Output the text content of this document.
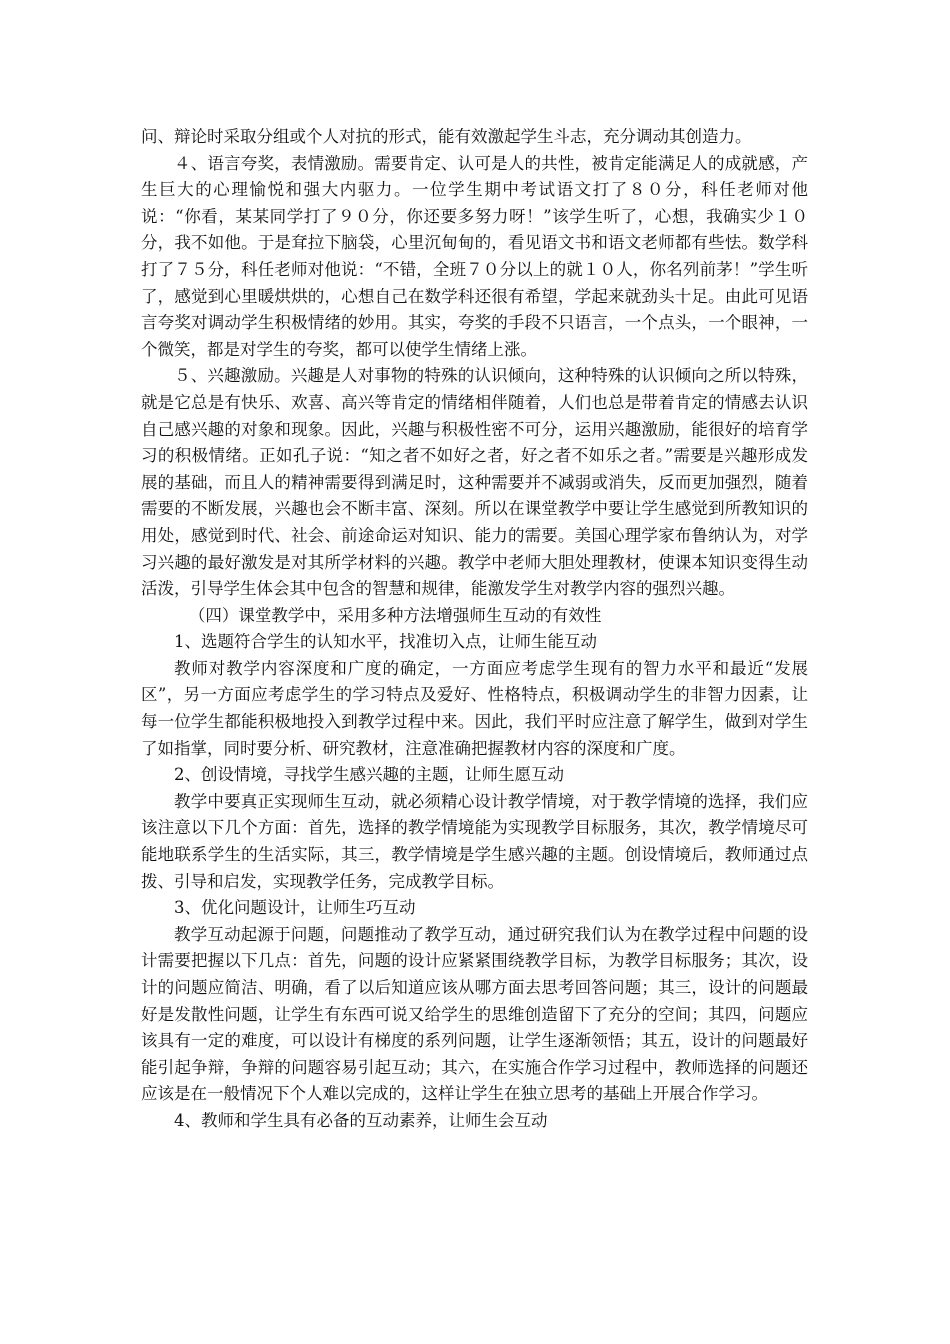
问、辩论时采取分组或个人对抗的形式，能有效激起学生斗志，充分调动其创造力。

４、语言夸奖，表情激励。需要肯定、认可是人的共性，被肯定能满足人的成就感，产生巨大的心理愉悦和强大内驱力。一位学生期中考试语文打了８０分，科任老师对他说：“你看，某某同学打了９０分，你还要多努力呀！”该学生听了，心想，我确实少１０分，我不如他。于是耷拉下脑袋，心里沉甸甸的，看见语文书和语文老师都有些怯。数学科打了７５分，科任老师对他说：“不错，全班７０分以上的就１０人，你名列前茅！”学生听了，感觉到心里暖烘烘的，心想自己在数学科还很有希望，学起来就劲头十足。由此可见语言夸奖对调动学生积极情绪的妙用。其实，夸奖的手段不只语言，一个点头，一个眼神，一个微笑，都是对学生的夸奖，都可以使学生情绪上涨。

５、兴趣激励。兴趣是人对事物的特殊的认识倾向，这种特殊的认识倾向之所以特殊，就是它总是有快乐、欢喜、高兴等肯定的情绪相伴随着，人们也总是带着肯定的情感去认识自己感兴趣的对象和现象。因此，兴趣与积极性密不可分，运用兴趣激励，能很好的培育学习的积极情绪。正如孔子说：“知之者不如好之者，好之者不如乐之者。”需要是兴趣形成发展的基础，而且人的精神需要得到满足时，这种需要并不减弱或消失，反而更加强烈，随着需要的不断发展，兴趣也会不断丰富、深刻。所以在课堂教学中要让学生感觉到所教知识的用处，感觉到时代、社会、前途命运对知识、能力的需要。美国心理学家布鲁纳认为，对学习兴趣的最好激发是对其所学材料的兴趣。教学中老师大胆处理教材，使课本知识变得生动活泼，引导学生体会其中包含的智慧和规律，能激发学生对教学内容的强烈兴趣。

（四）课堂教学中，采用多种方法增强师生互动的有效性

1、选题符合学生的认知水平，找准切入点，让师生能互动

教师对教学内容深度和广度的确定，一方面应考虑学生现有的智力水平和最近“发展区”，另一方面应考虑学生的学习特点及爱好、性格特点，积极调动学生的非智力因素，让每一位学生都能积极地投入到教学过程中来。因此，我们平时应注意了解学生，做到对学生了如指掌，同时要分析、研究教材，注意准确把握教材内容的深度和广度。

2、创设情境，寻找学生感兴趣的主题，让师生愿互动

教学中要真正实现师生互动，就必须精心设计教学情境，对于教学情境的选择，我们应该注意以下几个方面：首先，选择的教学情境能为实现教学目标服务，其次，教学情境尽可能地联系学生的生活实际，其三，教学情境是学生感兴趣的主题。创设情境后，教师通过点拨、引导和启发，实现教学任务，完成教学目标。

3、优化问题设计，让师生巧互动

教学互动起源于问题，问题推动了教学互动，通过研究我们认为在教学过程中问题的设计需要把握以下几点：首先，问题的设计应紧紧围绕教学目标，为教学目标服务；其次，设计的问题应简洁、明确，看了以后知道应该从哪方面去思考回答问题；其三，设计的问题最好是发散性问题，让学生有东西可说又给学生的思维创造留下了充分的空间；其四，问题应该具有一定的难度，可以设计有梯度的系列问题，让学生逐渐领悟；其五，设计的问题最好能引起争辩，争辩的问题容易引起互动；其六，在实施合作学习过程中，教师选择的问题还应该是在一般情况下个人难以完成的，这样让学生在独立思考的基础上开展合作学习。

4、教师和学生具有必备的互动素养，让师生会互动
